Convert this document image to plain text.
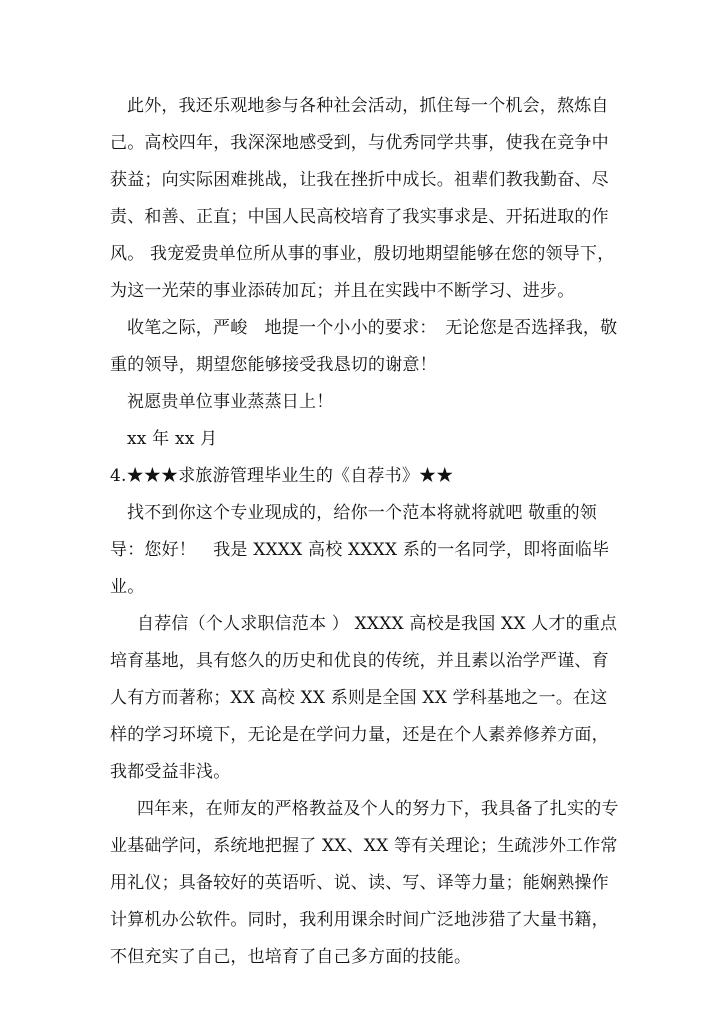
此外，我还乐观地参与各种社会活动，抓住每一个机会，熬炼自己。高校四年，我深深地感受到，与优秀同学共事，使我在竞争中获益；向实际困难挑战，让我在挫折中成长。祖辈们教我勤奋、尽责、和善、正直；中国人民高校培育了我实事求是、开拓进取的作风。 我宠爱贵单位所从事的事业，殷切地期望能够在您的领导下，为这一光荣的事业添砖加瓦；并且在实践中不断学习、进步。

收笔之际，严峻　地提一个小小的要求：　无论您是否选择我，敬重的领导，期望您能够接受我恳切的谢意！

祝愿贵单位事业蒸蒸日上！

xx 年 xx 月

4.★★★求旅游管理毕业生的《自荐书》★★

找不到你这个专业现成的，给你一个范本将就将就吧 敬重的领导：您好！　我是 XXXX 高校 XXXX 系的一名同学，即将面临毕业。

自荐信（个人求职信范本 ） XXXX 高校是我国 XX 人才的重点培育基地，具有悠久的历史和优良的传统，并且素以治学严谨、育人有方而著称；XX 高校 XX 系则是全国 XX 学科基地之一。在这样的学习环境下，无论是在学问力量，还是在个人素养修养方面，我都受益非浅。

四年来，在师友的严格教益及个人的努力下，我具备了扎实的专业基础学问，系统地把握了 XX、XX 等有关理论；生疏涉外工作常用礼仪；具备较好的英语听、说、读、写、译等力量；能娴熟操作计算机办公软件。同时，我利用课余时间广泛地涉猎了大量书籍，不但充实了自己，也培育了自己多方面的技能。
